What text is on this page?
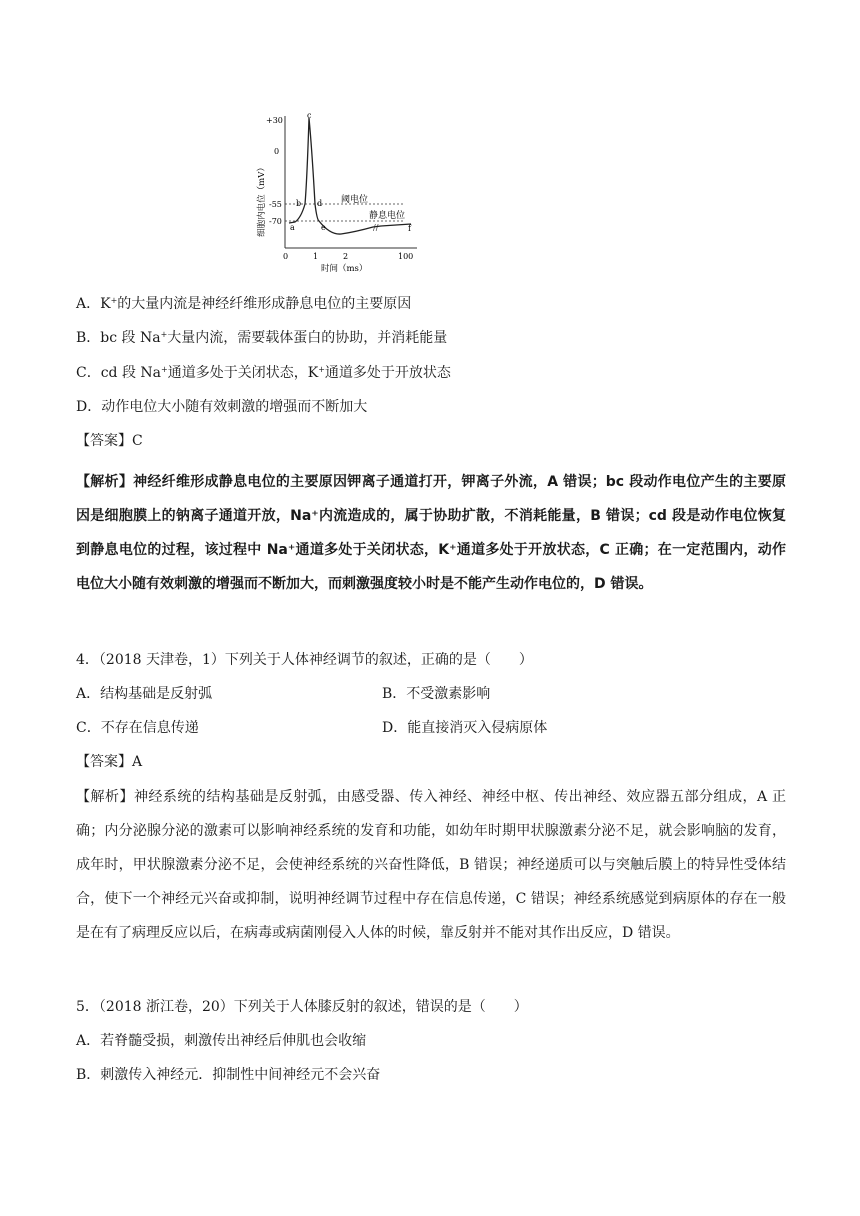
细胞内电位（mV）
+30
0
-55
-70
//
a
b
c
d
e	f
阈电位
静息电位
0	1	2	100
时间（ms）
A．K+的大量内流是神经纤维形成静息电位的主要原因
B．bc 段 Na+大量内流，需要载体蛋白的协助，并消耗能量
C．cd 段 Na+通道多处于关闭状态，K+通道多处于开放状态
D．动作电位大小随有效刺激的增强而不断加大
【答案】C
【解析】神经纤维形成静息电位的主要原因钾离子通道打开，钾离子外流，A 错误；bc 段动作电位产生的主要原因是细胞膜上的钠离子通道开放，Na⁺内流造成的，属于协助扩散，不消耗能量，B 错误；cd 段是动作电位恢复到静息电位的过程，该过程中 Na⁺通道多处于关闭状态，K⁺通道多处于开放状态，C 正确；在一定范围内，动作电位大小随有效刺激的增强而不断加大，而刺激强度较小时是不能产生动作电位的，D 错误。
4．（2018 天津卷，1）下列关于人体神经调节的叙述，正确的是（　　）
A．结构基础是反射弧	B．不受激素影响
C．不存在信息传递	D．能直接消灭入侵病原体
【答案】A
【解析】神经系统的结构基础是反射弧，由感受器、传入神经、神经中枢、传出神经、效应器五部分组成，A 正确；内分泌腺分泌的激素可以影响神经系统的发育和功能，如幼年时期甲状腺激素分泌不足，就会影响脑的发育，成年时，甲状腺激素分泌不足，会使神经系统的兴奋性降低，B 错误；神经递质可以与突触后膜上的特异性受体结合，使下一个神经元兴奋或抑制，说明神经调节过程中存在信息传递，C 错误；神经系统感觉到病原体的存在一般是在有了病理反应以后，在病毒或病菌刚侵入人体的时候，靠反射并不能对其作出反应，D 错误。
5．（2018 浙江卷，20）下列关于人体膝反射的叙述，错误的是（　　）
A．若脊髓受损，刺激传出神经后伸肌也会收缩
B．刺激传入神经元．抑制性中间神经元不会兴奋
